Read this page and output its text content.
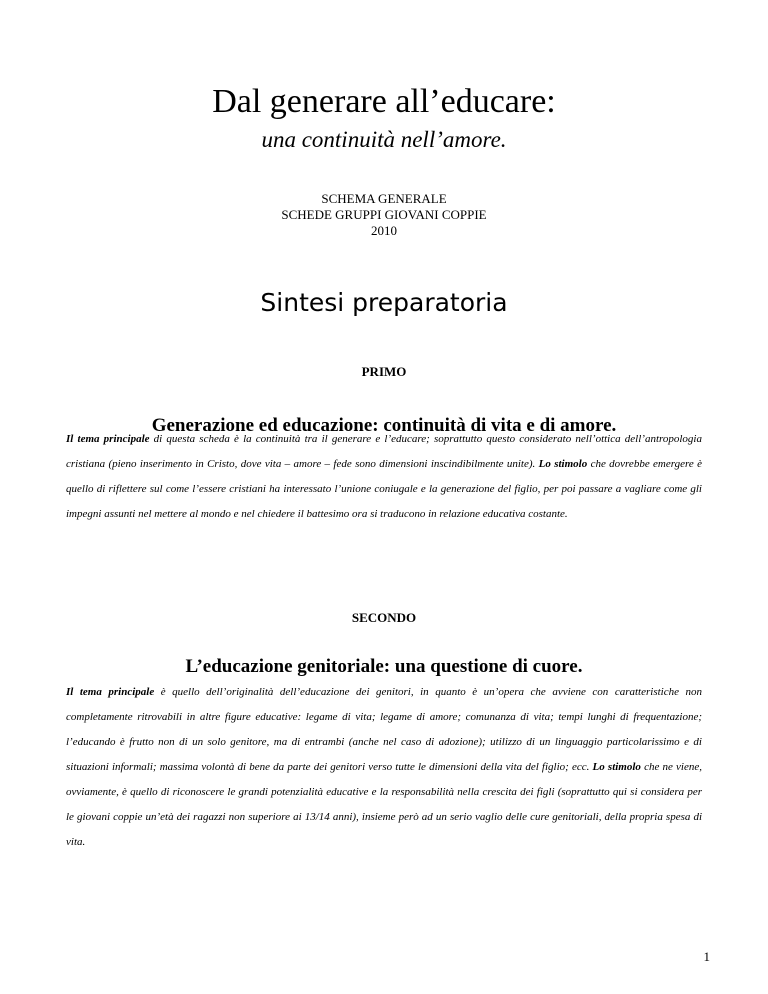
Dal generare all’educare:
una continuità nell’amore.
SCHEMA GENERALE
SCHEDE GRUPPI GIOVANI COPPIE
2010
Sintesi preparatoria
PRIMO
Generazione ed educazione: continuità di vita e di amore.
Il tema principale di questa scheda è la continuità tra il generare e l’educare; soprattutto questo considerato nell’ottica dell’antropologia cristiana (pieno inserimento in Cristo, dove vita – amore – fede sono dimensioni inscindibilmente unite). Lo stimolo che dovrebbe emergere è quello di riflettere sul come l’essere cristiani ha interessato l’unione coniugale e la generazione del figlio, per poi passare a vagliare come gli impegni assunti nel mettere al mondo e nel chiedere il battesimo ora si traducono in relazione educativa costante.
SECONDO
L’educazione genitoriale: una questione di cuore.
Il tema principale è quello dell’originalità dell’educazione dei genitori, in quanto è un’opera che avviene con caratteristiche non completamente ritrovabili in altre figure educative: legame di vita; legame di amore; comunanza di vita; tempi lunghi di frequentazione; l’educando è frutto non di un solo genitore, ma di entrambi (anche nel caso di adozione); utilizzo di un linguaggio particolarissimo e di situazioni informali; massima volontà di bene da parte dei genitori verso tutte le dimensioni della vita del figlio; ecc. Lo stimolo che ne viene, ovviamente, è quello di riconoscere le grandi potenzialità educative e la responsabilità nella crescita dei figli (soprattutto qui si considera per le giovani coppie un’età dei ragazzi non superiore ai 13/14 anni), insieme però ad un serio vaglio delle cure genitoriali, della propria spesa di vita.
1
